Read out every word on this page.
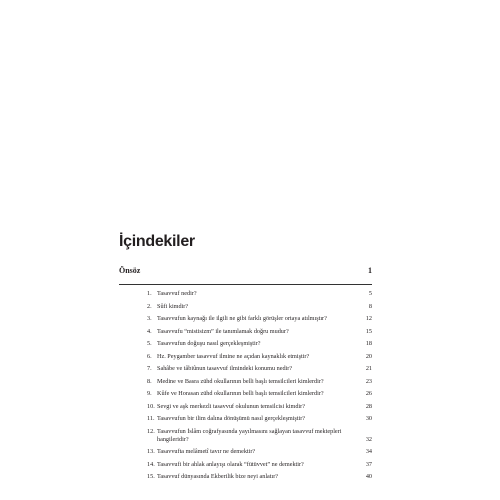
İçindekiler
Önsöz	1
1. Tasavvuf nedir?	5
2. Sûfi kimdir?	8
3. Tasavvufun kaynağı ile ilgili ne gibi farklı görüşler ortaya atılmıştır?	12
4. Tasavvufu “mistisizm” ile tanımlamak doğru mudur?	15
5. Tasavvufun doğuşu nasıl gerçekleşmiştir?	18
6. Hz. Peygamber tasavvuf ilmine ne açıdan kaynaklık etmiştir?	20
7. Sahâbe ve tâbiûnun tasavvuf ilmindeki konumu nedir?	21
8. Medine ve Basra zühd okullarının belli başlı temsilcileri kimlerdir?	23
9. Kûfe ve Horasan zühd okullarının belli başlı temsilcileri kimlerdir?	26
10. Sevgi ve aşk merkezli tasavvuf okulunun temsilcisi kimdir?	28
11. Tasavvufun bir ilim dalına dönüşümü nasıl gerçekleşmiştir?	30
12. Tasavvufun İslâm coğrafyasında yayılmasını sağlayan tasavvuf mektepleri hangileridir?	32
13. Tasavvufta melâmetî tavır ne demektir?	34
14. Tasavvufi bir ahlak anlayışı olarak “fütüvvet” ne demektir?	37
15. Tasavvuf dünyasında Ekberilik bize neyi anlatır?	40
